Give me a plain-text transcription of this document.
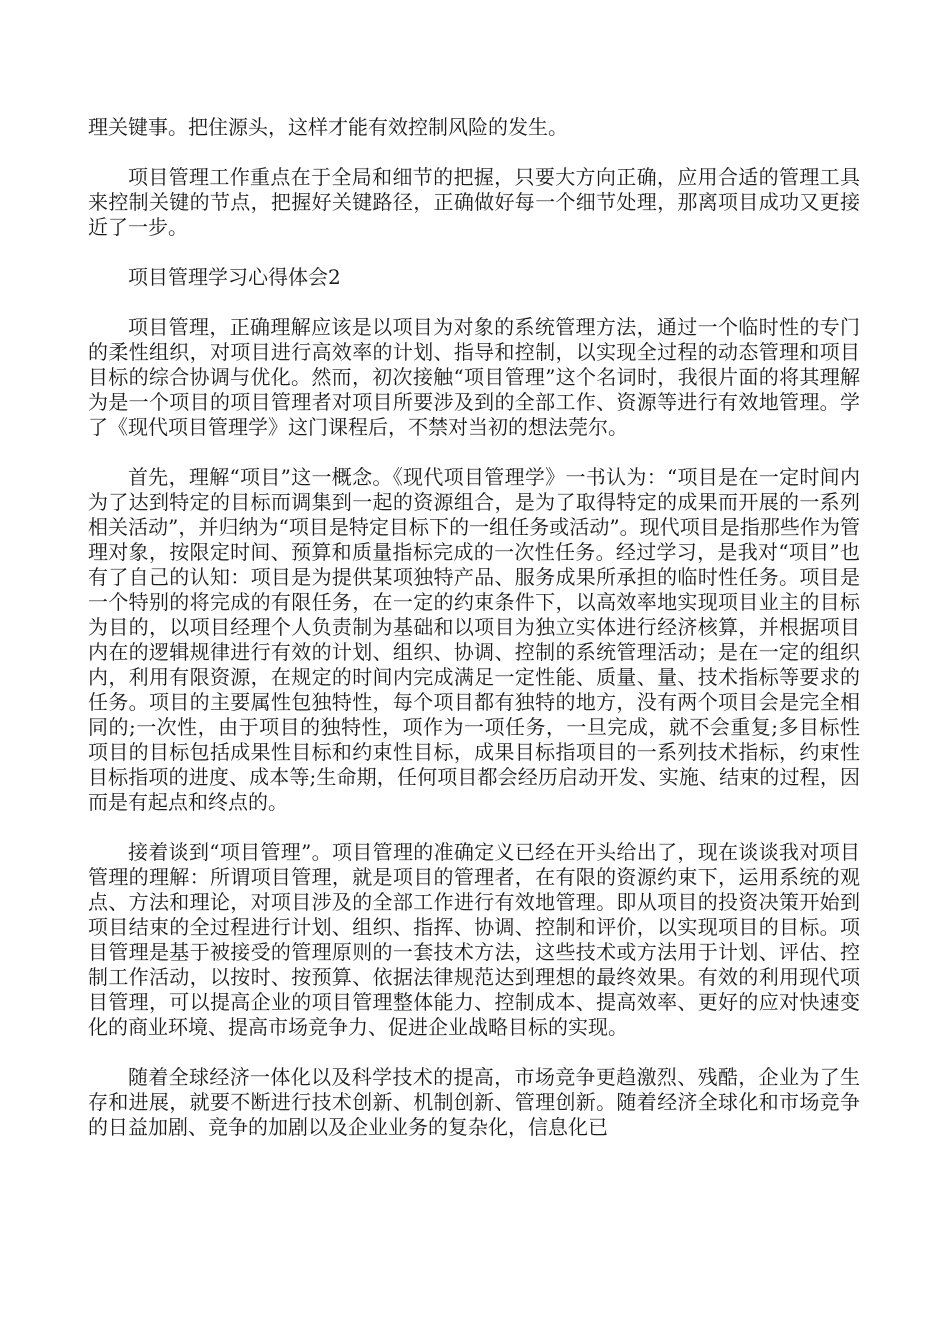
理关键事。把住源头，这样才能有效控制风险的发生。

项目管理工作重点在于全局和细节的把握，只要大方向正确，应用合适的管理工具来控制关键的节点，把握好关键路径，正确做好每一个细节处理，那离项目成功又更接近了一步。

项目管理学习心得体会2

项目管理，正确理解应该是以项目为对象的系统管理方法，通过一个临时性的专门的柔性组织，对项目进行高效率的计划、指导和控制，以实现全过程的动态管理和项目目标的综合协调与优化。然而，初次接触“项目管理”这个名词时，我很片面的将其理解为是一个项目的项目管理者对项目所要涉及到的全部工作、资源等进行有效地管理。学了《现代项目管理学》这门课程后，不禁对当初的想法莞尔。

首先，理解“项目”这一概念。《现代项目管理学》一书认为：“项目是在一定时间内为了达到特定的目标而调集到一起的资源组合，是为了取得特定的成果而开展的一系列相关活动”，并归纳为“项目是特定目标下的一组任务或活动”。现代项目是指那些作为管理对象，按限定时间、预算和质量指标完成的一次性任务。经过学习，是我对“项目”也有了自己的认知：项目是为提供某项独特产品、服务成果所承担的临时性任务。项目是一个特别的将完成的有限任务，在一定的约束条件下，以高效率地实现项目业主的目标为目的，以项目经理个人负责制为基础和以项目为独立实体进行经济核算，并根据项目内在的逻辑规律进行有效的计划、组织、协调、控制的系统管理活动；是在一定的组织内，利用有限资源，在规定的时间内完成满足一定性能、质量、量、技术指标等要求的任务。项目的主要属性包独特性，每个项目都有独特的地方，没有两个项目会是完全相同的;一次性，由于项目的独特性，项作为一项任务，一旦完成，就不会重复;多目标性项目的目标包括成果性目标和约束性目标，成果目标指项目的一系列技术指标，约束性目标指项的进度、成本等;生命期，任何项目都会经历启动开发、实施、结束的过程，因而是有起点和终点的。

接着谈到“项目管理”。项目管理的准确定义已经在开头给出了，现在谈谈我对项目管理的理解：所谓项目管理，就是项目的管理者，在有限的资源约束下，运用系统的观点、方法和理论，对项目涉及的全部工作进行有效地管理。即从项目的投资决策开始到项目结束的全过程进行计划、组织、指挥、协调、控制和评价，以实现项目的目标。项目管理是基于被接受的管理原则的一套技术方法，这些技术或方法用于计划、评估、控制工作活动，以按时、按预算、依据法律规范达到理想的最终效果。有效的利用现代项目管理，可以提高企业的项目管理整体能力、控制成本、提高效率、更好的应对快速变化的商业环境、提高市场竞争力、促进企业战略目标的实现。

随着全球经济一体化以及科学技术的提高，市场竞争更趋激烈、残酷，企业为了生存和进展，就要不断进行技术创新、机制创新、管理创新。随着经济全球化和市场竞争的日益加剧、竞争的加剧以及企业业务的复杂化，信息化已
